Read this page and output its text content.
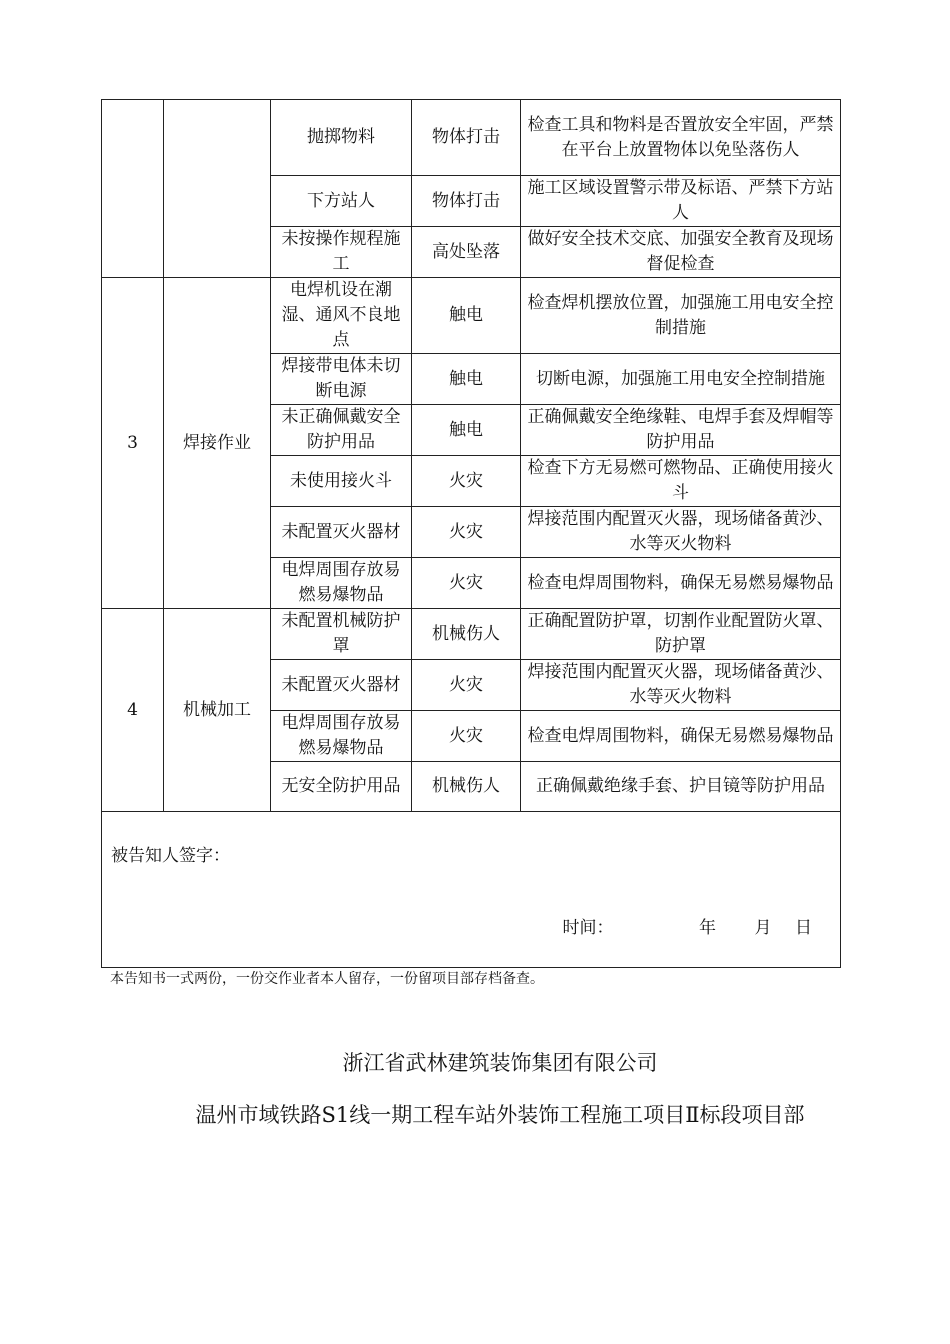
		抛掷物料	物体打击	检查工具和物料是否置放安全牢固，严禁在平台上放置物体以免坠落伤人
		下方站人	物体打击	施工区域设置警示带及标语、严禁下方站人
		未按操作规程施工	高处坠落	做好安全技术交底、加强安全教育及现场督促检查
3	焊接作业	电焊机设在潮湿、通风不良地点	触电	检查焊机摆放位置，加强施工用电安全控制措施
		焊接带电体未切断电源	触电	切断电源，加强施工用电安全控制措施
		未正确佩戴安全防护用品	触电	正确佩戴安全绝缘鞋、电焊手套及焊帽等防护用品
		未使用接火斗	火灾	检查下方无易燃可燃物品、正确使用接火斗
		未配置灭火器材	火灾	焊接范围内配置灭火器，现场储备黄沙、水等灭火物料
		电焊周围存放易燃易爆物品	火灾	检查电焊周围物料，确保无易燃易爆物品
4	机械加工	未配置机械防护罩	机械伤人	正确配置防护罩，切割作业配置防火罩、防护罩
		未配置灭火器材	火灾	焊接范围内配置灭火器，现场储备黄沙、水等灭火物料
		电焊周围存放易燃易爆物品	火灾	检查电焊周围物料，确保无易燃易爆物品
		无安全防护用品	机械伤人	正确佩戴绝缘手套、护目镜等防护用品

被告知人签字：
时间： 年 月 日				
本告知书一式两份，一份交作业者本人留存，一份留项目部存档备查。
浙江省武林建筑装饰集团有限公司
温州市域铁路S1线一期工程车站外装饰工程施工项目Ⅱ标段项目部
